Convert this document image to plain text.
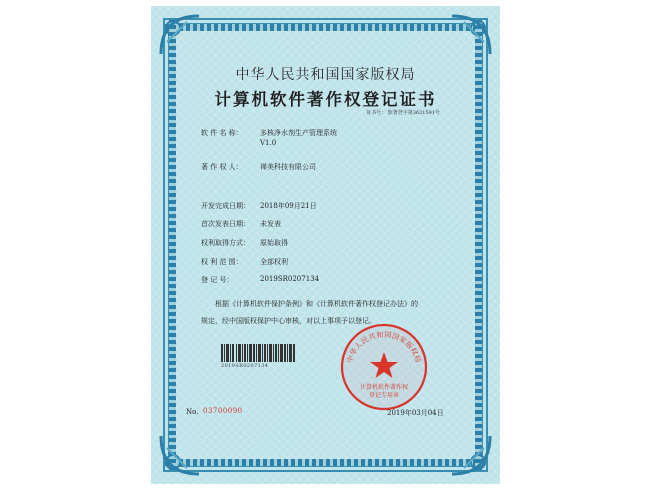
中华人民共和国国家版权局
计算机软件著作权登记证书
证书号： 软著登字第3621591号
软 件 名 称： 多核净水剂生产管理系统
V1.0
著 作 权 人： 禅美科技有限公司
开发完成日期： 2018年09月21日
首次发表日期： 未发表
权利取得方式： 原始取得
权 利 范 围： 全部权利
登 记 号：	2019SR0207134
根据《计算机软件保护条例》和《计算机软件著作权登记办法》的
规定，经中国版权保护中心审核，对以上事项予以登记。
2019SR0207134
中华人民共和国国家版权局
计算机软件著作权
登记专用章
No. 03700090	2019年03月04日
